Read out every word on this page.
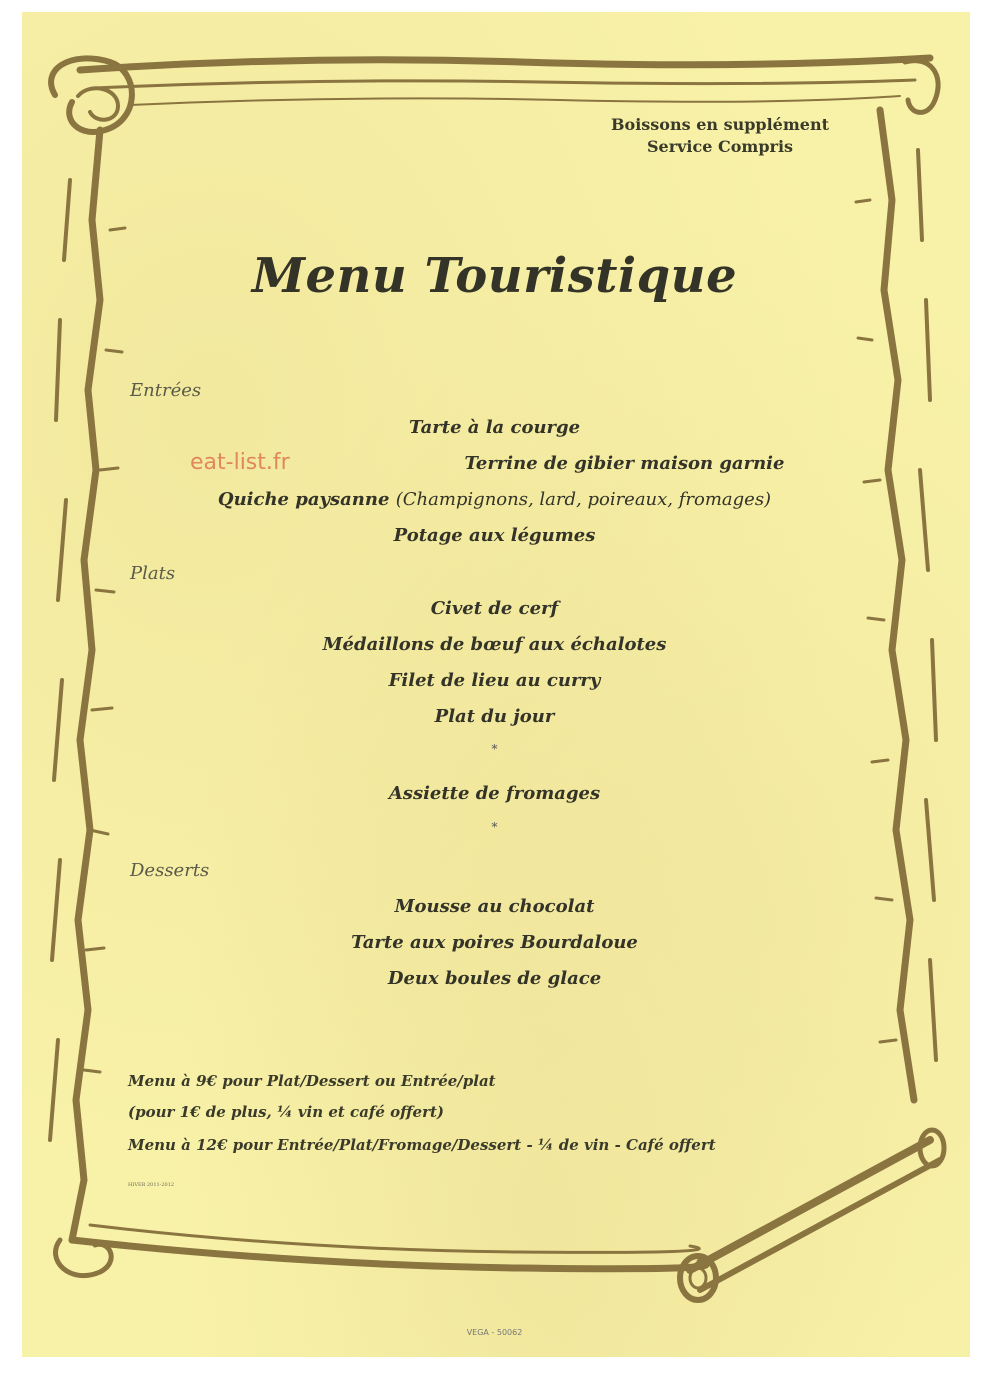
Boissons en supplément
Service Compris
Menu Touristique
eat-list.fr
Entrées
Tarte à la courge
Terrine de gibier maison garnie
Quiche paysanne (Champignons, lard, poireaux, fromages)
Potage aux légumes
Plats
Civet de cerf
Médaillons de bœuf aux échalotes
Filet de lieu au curry
Plat du jour
*
Assiette de fromages
*
Desserts
Mousse au chocolat
Tarte aux poires Bourdaloue
Deux boules de glace
Menu à 9€ pour Plat/Dessert ou Entrée/plat
(pour 1€ de plus, ¼ vin et café offert)
Menu à 12€ pour Entrée/Plat/Fromage/Dessert - ¼ de vin - Café offert
HIVER 2011-2012
VEGA - 50062
